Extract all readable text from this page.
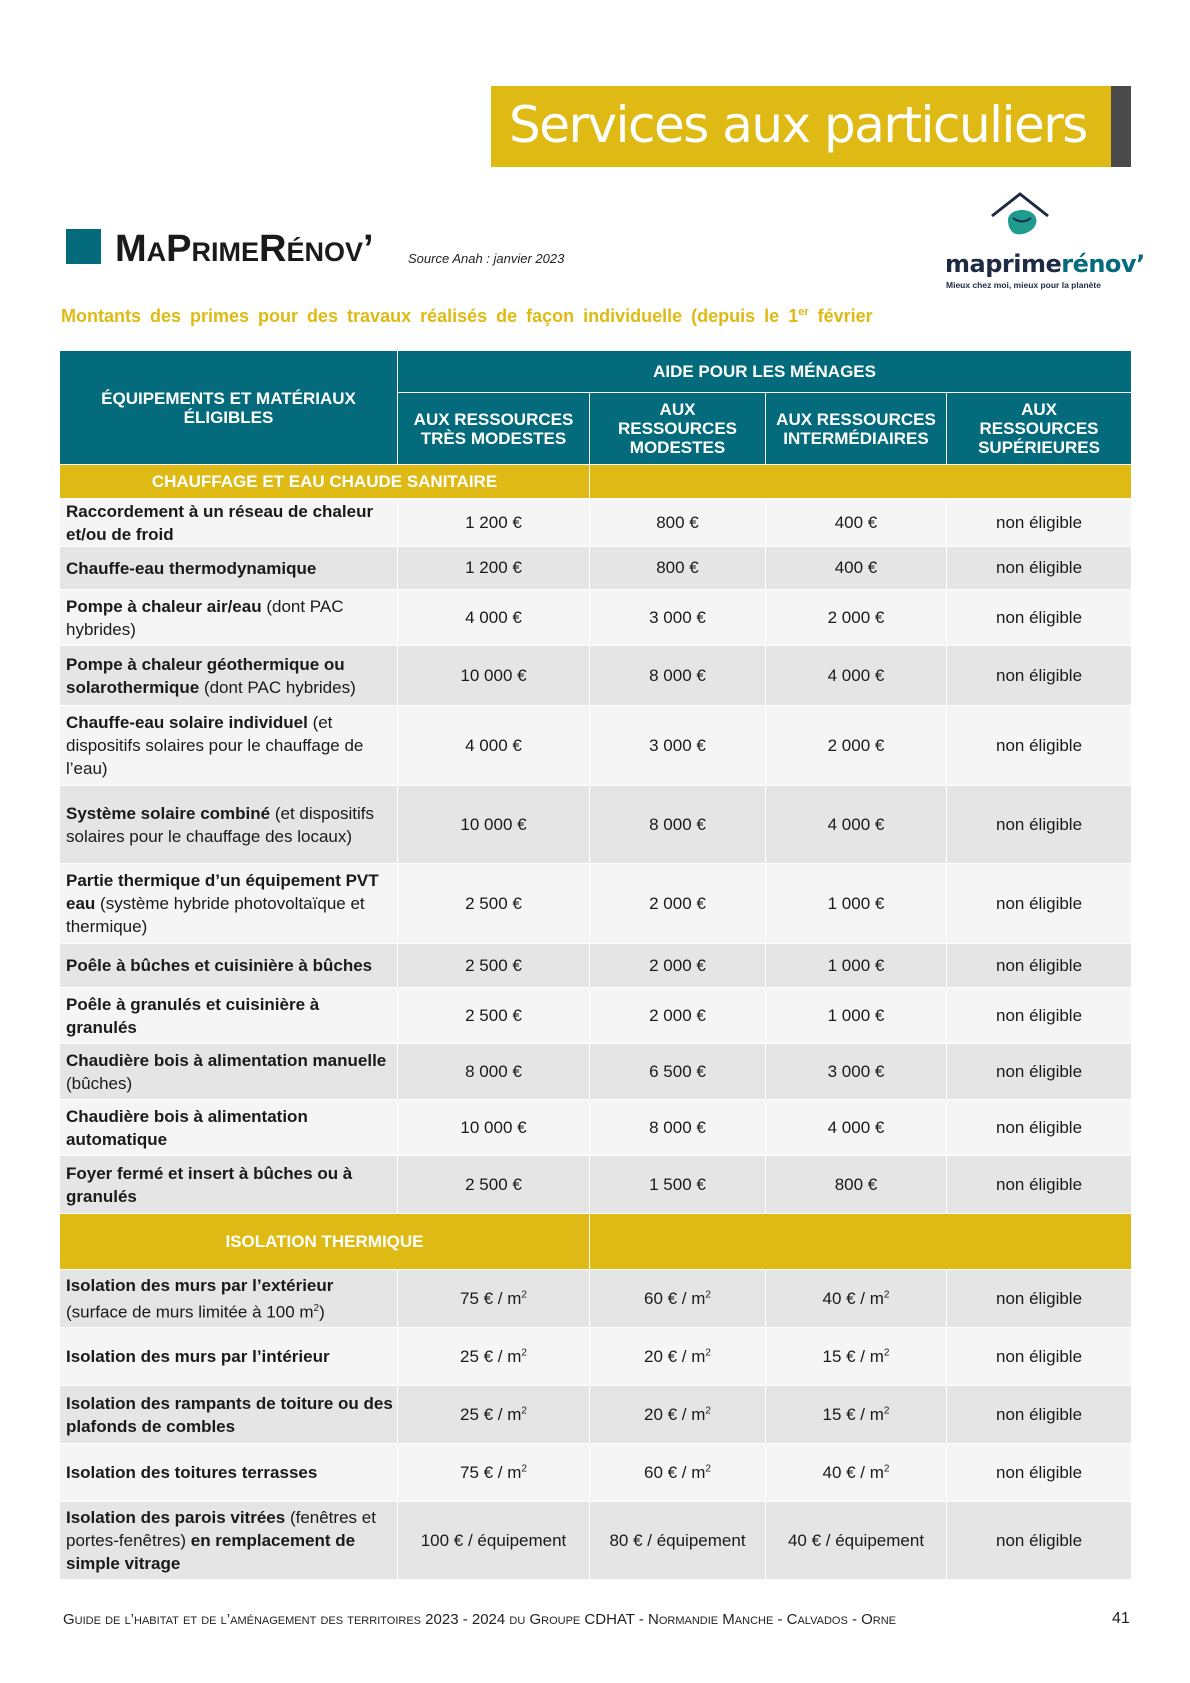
Services aux particuliers
MaPrimeRénov’	Source Anah : janvier 2023	maprimerénov’
Mieux chez moi, mieux pour la planète
Montants des primes pour des travaux réalisés de façon individuelle (depuis le 1er février
ÉQUIPEMENTS ET MATÉRIAUX ÉLIGIBLES	AIDE POUR LES MÉNAGES			
	AUX RESSOURCES TRÈS MODESTES	AUX RESSOURCES MODESTES	AUX RESSOURCES INTERMÉDIAIRES	AUX RESSOURCES SUPÉRIEURES
CHAUFFAGE ET EAU CHAUDE SANITAIRE				
Raccordement à un réseau de chaleur et/ou de froid	1 200 €	800 €	400 €	non éligible
Chauffe-eau thermodynamique	1 200 €	800 €	400 €	non éligible
Pompe à chaleur air/eau (dont PAC hybrides)	4 000 €	3 000 €	2 000 €	non éligible
Pompe à chaleur géothermique ou solarothermique (dont PAC hybrides)	10 000 €	8 000 €	4 000 €	non éligible
Chauffe-eau solaire individuel (et dispositifs solaires pour le chauffage de l’eau)	4 000 €	3 000 €	2 000 €	non éligible
Système solaire combiné (et dispositifs solaires pour le chauffage des locaux)	10 000 €	8 000 €	4 000 €	non éligible
Partie thermique d’un équipement PVT eau (système hybride photovoltaïque et thermique)	2 500 €	2 000 €	1 000 €	non éligible
Poêle à bûches et cuisinière à bûches	2 500 €	2 000 €	1 000 €	non éligible
Poêle à granulés et cuisinière à granulés	2 500 €	2 000 €	1 000 €	non éligible
Chaudière bois à alimentation manuelle (bûches)	8 000 €	6 500 €	3 000 €	non éligible
Chaudière bois à alimentation automatique	10 000 €	8 000 €	4 000 €	non éligible
Foyer fermé et insert à bûches ou à granulés	2 500 €	1 500 €	800 €	non éligible
ISOLATION THERMIQUE				
Isolation des murs par l’extérieur (surface de murs limitée à 100 $m^2$)	75 € / $m^2$	60 € / $m^2$	40 € / $m^2$	non éligible
Isolation des murs par l’intérieur	25 € / $m^2$	20 € / $m^2$	15 € / $m^2$	non éligible
Isolation des rampants de toiture ou des plafonds de combles	25 € / $m^2$	20 € / $m^2$	15 € / $m^2$	non éligible
Isolation des toitures terrasses	75 € / $m^2$	60 € / $m^2$	40 € / $m^2$	non éligible
Isolation des parois vitrées (fenêtres et portes-fenêtres) en remplacement de simple vitrage	100 € / équipement	80 € / équipement	40 € / équipement	non éligible
Guide de l’habitat et de l’aménagement des territoires 2023 - 2024 du Groupe CDHAT - Normandie Manche - Calvados - Orne	41
